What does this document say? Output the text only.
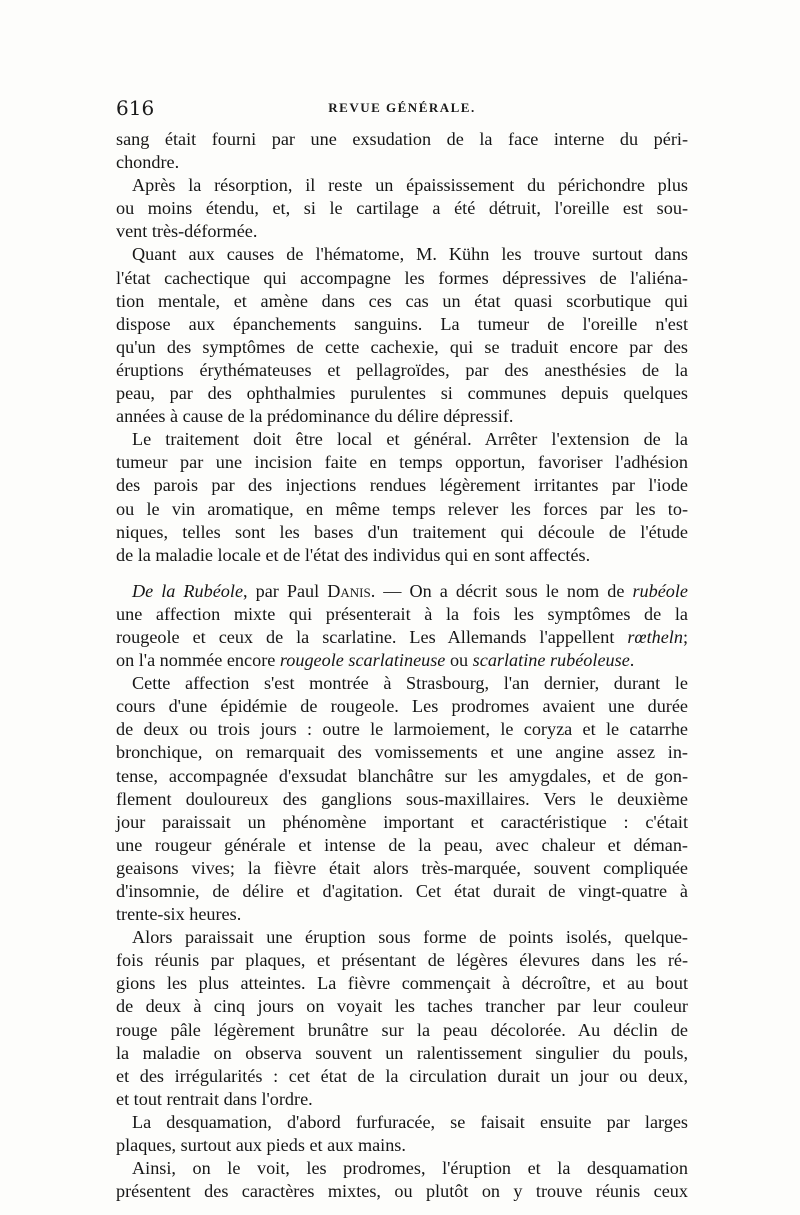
616	REVUE GÉNÉRALE.
sang était fourni par une exsudation de la face interne du péri-
chondre.
Après la résorption, il reste un épaississement du périchondre plus
ou moins étendu, et, si le cartilage a été détruit, l'oreille est sou-
vent très-déformée.
Quant aux causes de l'hématome, M. Kühn les trouve surtout dans
l'état cachectique qui accompagne les formes dépressives de l'aliéna-
tion mentale, et amène dans ces cas un état quasi scorbutique qui
dispose aux épanchements sanguins. La tumeur de l'oreille n'est
qu'un des symptômes de cette cachexie, qui se traduit encore par des
éruptions érythémateuses et pellagroïdes, par des anesthésies de la
peau, par des ophthalmies purulentes si communes depuis quelques
années à cause de la prédominance du délire dépressif.
Le traitement doit être local et général. Arrêter l'extension de la
tumeur par une incision faite en temps opportun, favoriser l'adhésion
des parois par des injections rendues légèrement irritantes par l'iode
ou le vin aromatique, en même temps relever les forces par les to-
niques, telles sont les bases d'un traitement qui découle de l'étude
de la maladie locale et de l'état des individus qui en sont affectés.
De la Rubéole, par Paul Danis. — On a décrit sous le nom de rubéole
une affection mixte qui présenterait à la fois les symptômes de la
rougeole et ceux de la scarlatine. Les Allemands l'appellent rœtheln;
on l'a nommée encore rougeole scarlatineuse ou scarlatine rubéoleuse.
Cette affection s'est montrée à Strasbourg, l'an dernier, durant le
cours d'une épidémie de rougeole. Les prodromes avaient une durée
de deux ou trois jours : outre le larmoiement, le coryza et le catarrhe
bronchique, on remarquait des vomissements et une angine assez in-
tense, accompagnée d'exsudat blanchâtre sur les amygdales, et de gon-
flement douloureux des ganglions sous-maxillaires. Vers le deuxième
jour paraissait un phénomène important et caractéristique : c'était
une rougeur générale et intense de la peau, avec chaleur et déman-
geaisons vives; la fièvre était alors très-marquée, souvent compliquée
d'insomnie, de délire et d'agitation. Cet état durait de vingt-quatre à
trente-six heures.
Alors paraissait une éruption sous forme de points isolés, quelque-
fois réunis par plaques, et présentant de légères élevures dans les ré-
gions les plus atteintes. La fièvre commençait à décroître, et au bout
de deux à cinq jours on voyait les taches trancher par leur couleur
rouge pâle légèrement brunâtre sur la peau décolorée. Au déclin de
la maladie on observa souvent un ralentissement singulier du pouls,
et des irrégularités : cet état de la circulation durait un jour ou deux,
et tout rentrait dans l'ordre.
La desquamation, d'abord furfuracée, se faisait ensuite par larges
plaques, surtout aux pieds et aux mains.
Ainsi, on le voit, les prodromes, l'éruption et la desquamation
présentent des caractères mixtes, ou plutôt on y trouve réunis ceux
